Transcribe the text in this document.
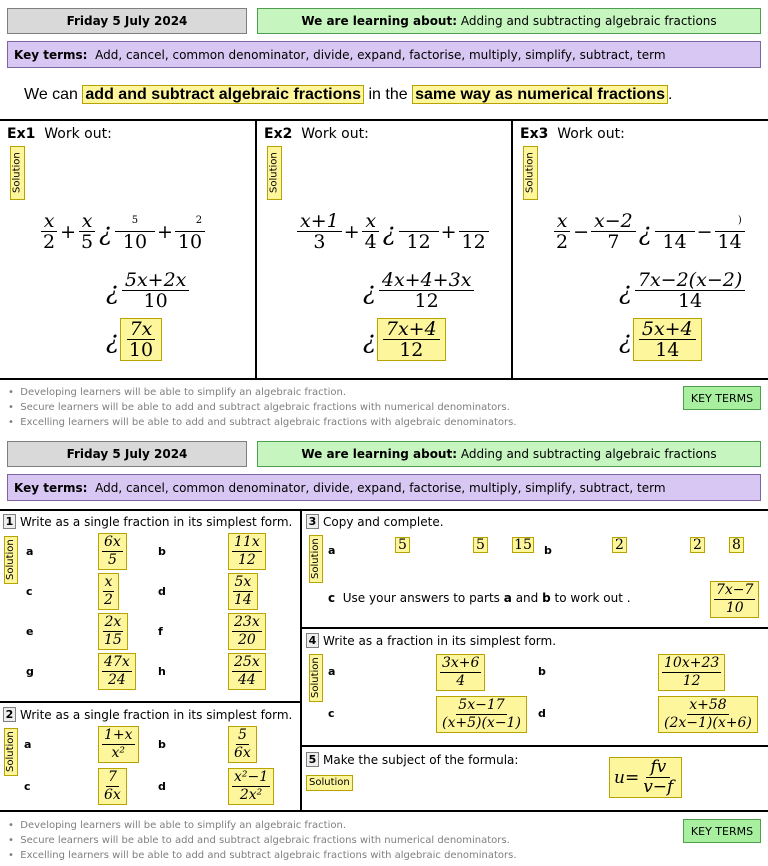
Friday 5 July 2024	We are learning about:
Adding and subtracting algebraic fractions
Key terms:
Add, cancel, common denominator, divide, expand, factorise, multiply, simplify, subtract, term
We can add and subtract algebraic fractions in the same way as numerical fractions .
Ex1 Work out:
Solution
x
$2 + \frac{x}{5}$ ¿	5
10 +	2
10
¿ 5x+2x
10
¿ 7x
10
Ex2 Work out:
Solution
x+1
$3 + \frac{x}{4}$ ¿ 12 + 12
¿ 4x+4+3x
12
¿ 7x+4
12
Ex3 Work out:
Solution
x
$2 - \frac{x-2}{7}$ ¿ 14 −	)
14
¿ 7x−2(x−2)
14
¿ 5x+4
14
•  Developing learners will be able to simplify an algebraic fraction.
•  Secure learners will be able to add and subtract algebraic fractions with numerical denominators.
•  Excelling learners will be able to add and subtract algebraic fractions with algebraic denominators.
KEY TERMS
Friday 5 July 2024	We are learning about:
Adding and subtracting algebraic fractions
Key terms:
Add, cancel, common denominator, divide, expand, factorise, multiply, simplify, subtract, term
1 Write as a single fraction in its simplest form.
Solution a	$\frac{6x}{5}$	b	$\frac{11x}{12}$
c	$\frac{x}{2}$	d	$\frac{5x}{14}$
e	$\frac{2x}{15}$	f	$\frac{23x}{20}$
g	$\frac{47x}{24}$ h	$\frac{25x}{44}$
2 Write as a single fraction in its simplest form.
Solution a	$\frac{1+x}{\text{x²}}$ b	$\frac{5}{6x}$
c	$\frac{7}{6x}$	d	$\frac{\text{x²−1}}{\text{2x²}}$
3 Copy and complete.
Solution a	5	5 15 b	2	2 8
c
Use your answers to parts
a
and
b
to work out .	$\frac{7x-7}{10}$
4 Write as a fraction in its simplest form.
Solution a	$\frac{3x+6}{4}$	b	$\frac{10x+23}{12}$
c	$\frac{5x-17}{(x+5)(x-1)}$ d	$\frac{x+58}{(2x-1)(x+6)}$
5 Make the subject of the formula:
Solution	$u= \frac{fv}{v-f}$
•  Developing learners will be able to simplify an algebraic fraction.
•  Secure learners will be able to add and subtract algebraic fractions with numerical denominators.
•  Excelling learners will be able to add and subtract algebraic fractions with algebraic denominators.
KEY TERMS
